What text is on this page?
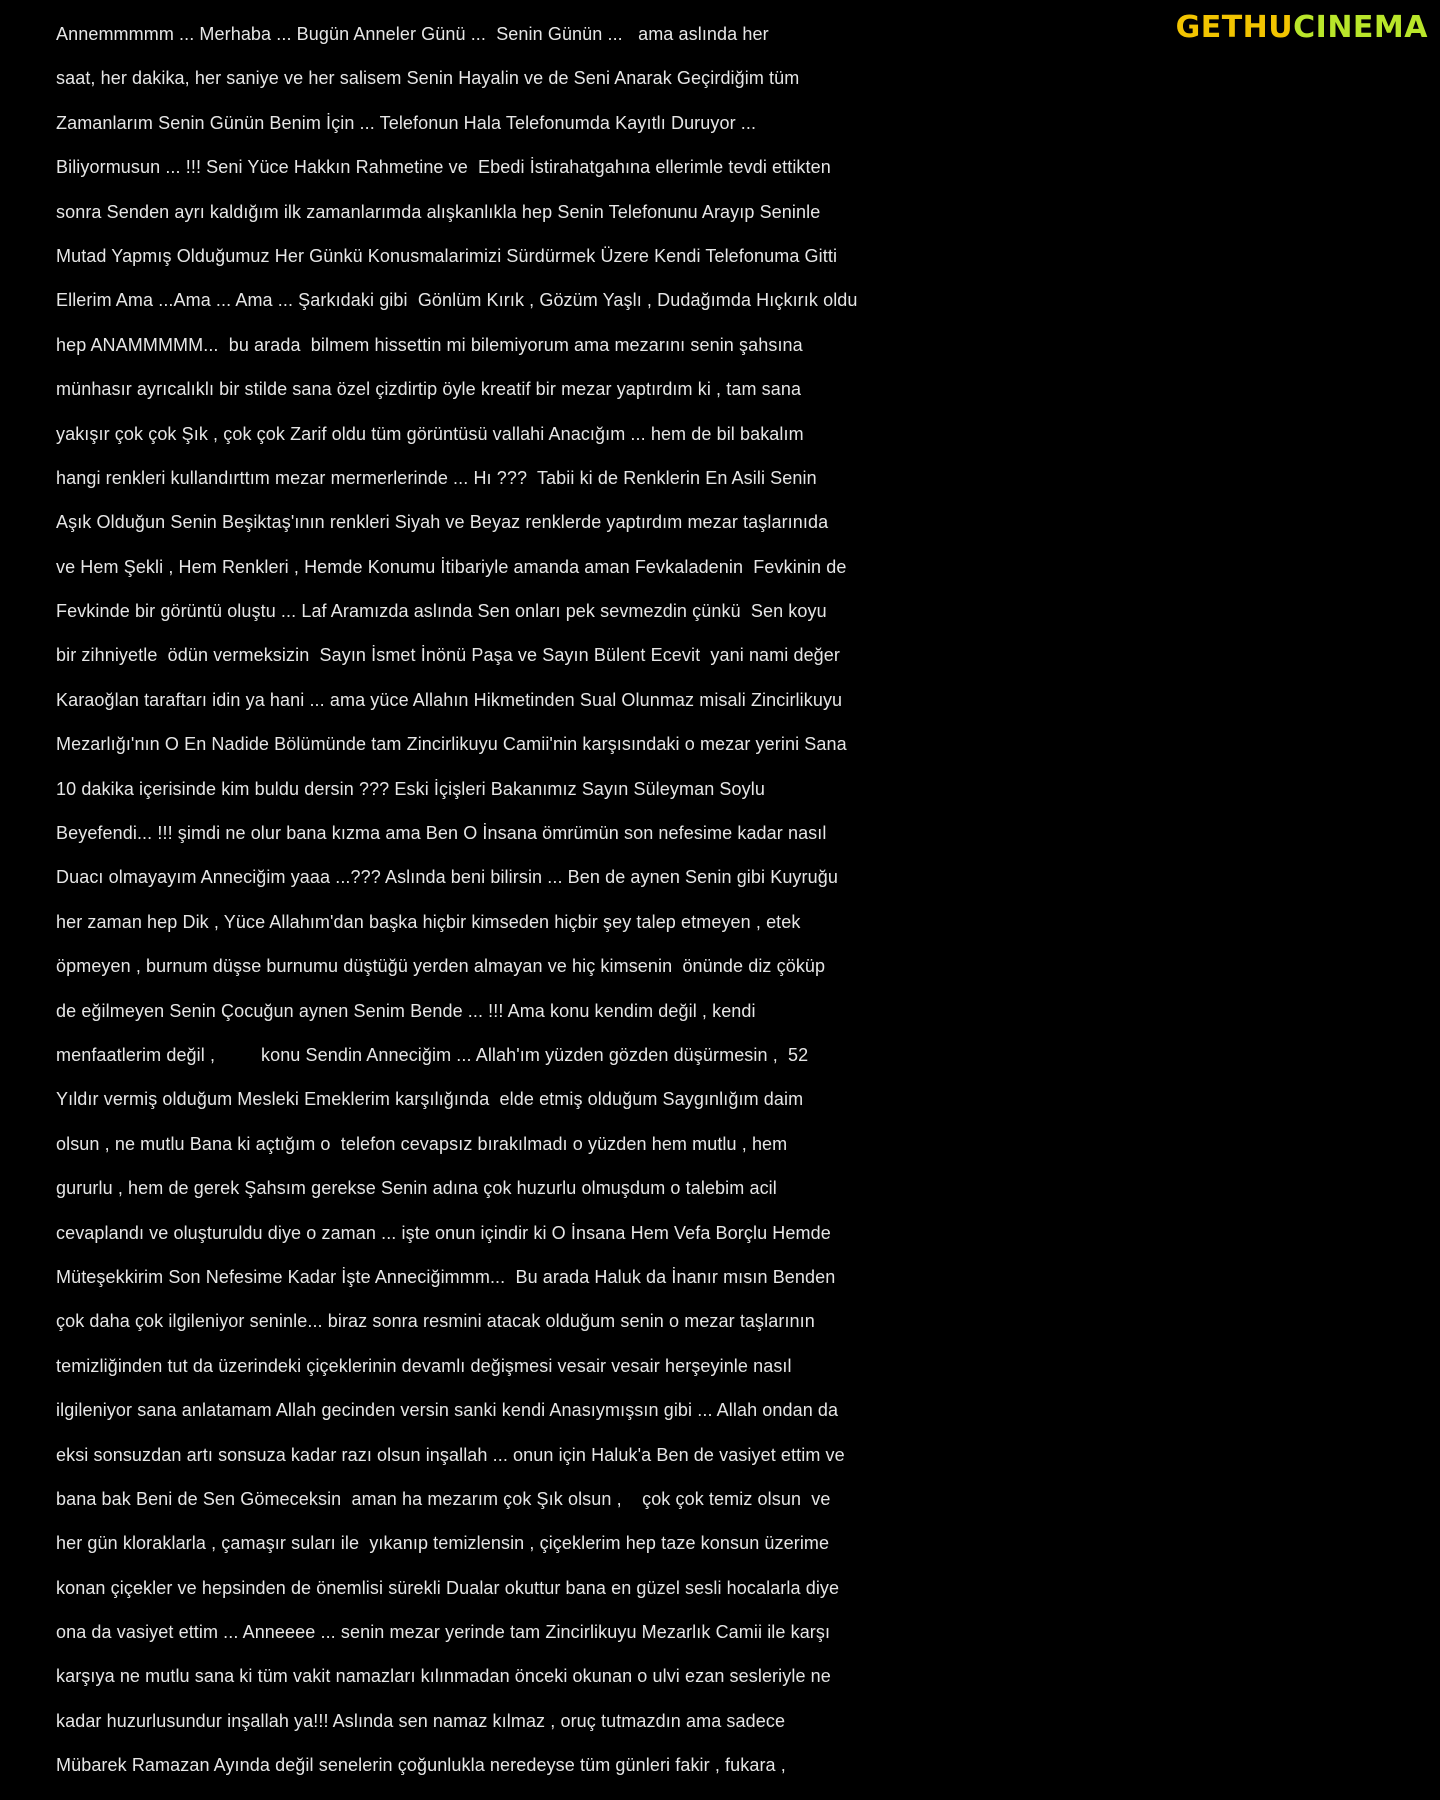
Annemmmmm ... Merhaba ... Bugün Anneler Günü ...  Senin Günün ...   ama aslında her
saat, her dakika, her saniye ve her salisem Senin Hayalin ve de Seni Anarak Geçirdiğim tüm
Zamanlarım Senin Günün Benim İçin ... Telefonun Hala Telefonumda Kayıtlı Duruyor ...
Biliyormusun ... !!! Seni Yüce Hakkın Rahmetine ve  Ebedi İstirahatgahına ellerimle tevdi ettikten
sonra Senden ayrı kaldığım ilk zamanlarımda alışkanlıkla hep Senin Telefonunu Arayıp Seninle
Mutad Yapmış Olduğumuz Her Günkü Konusmalarimizi Sürdürmek Üzere Kendi Telefonuma Gitti
Ellerim Ama ...Ama ... Ama ... Şarkıdaki gibi  Gönlüm Kırık , Gözüm Yaşlı , Dudağımda Hıçkırık oldu
hep ANAMMMMM...  bu arada  bilmem hissettin mi bilemiyorum ama mezarını senin şahsına
münhasır ayrıcalıklı bir stilde sana özel çizdirtip öyle kreatif bir mezar yaptırdım ki , tam sana
yakışır çok çok Şık , çok çok Zarif oldu tüm görüntüsü vallahi Anacığım ... hem de bil bakalım
hangi renkleri kullandırttım mezar mermerlerinde ... Hı ???  Tabii ki de Renklerin En Asili Senin
Aşık Olduğun Senin Beşiktaş'ının renkleri Siyah ve Beyaz renklerde yaptırdım mezar taşlarınıda
ve Hem Şekli , Hem Renkleri , Hemde Konumu İtibariyle amanda aman Fevkaladenin  Fevkinin de
Fevkinde bir görüntü oluştu ... Laf Aramızda aslında Sen onları pek sevmezdin çünkü  Sen koyu
bir zihniyetle  ödün vermeksizin  Sayın İsmet İnönü Paşa ve Sayın Bülent Ecevit  yani nami değer
Karaoğlan taraftarı idin ya hani ... ama yüce Allahın Hikmetinden Sual Olunmaz misali Zincirlikuyu
Mezarlığı'nın O En Nadide Bölümünde tam Zincirlikuyu Camii'nin karşısındaki o mezar yerini Sana
10 dakika içerisinde kim buldu dersin ??? Eski İçişleri Bakanımız Sayın Süleyman Soylu
Beyefendi... !!! şimdi ne olur bana kızma ama Ben O İnsana ömrümün son nefesime kadar nasıl
Duacı olmayayım Anneciğim yaaa ...??? Aslında beni bilirsin ... Ben de aynen Senin gibi Kuyruğu
her zaman hep Dik , Yüce Allahım'dan başka hiçbir kimseden hiçbir şey talep etmeyen , etek
öpmeyen , burnum düşse burnumu düştüğü yerden almayan ve hiç kimsenin  önünde diz çöküp
de eğilmeyen Senin Çocuğun aynen Senim Bende ... !!! Ama konu kendim değil , kendi
menfaatlerim değil ,         konu Sendin Anneciğim ... Allah'ım yüzden gözden düşürmesin ,  52
Yıldır vermiş olduğum Mesleki Emeklerim karşılığında  elde etmiş olduğum Saygınlığım daim
olsun , ne mutlu Bana ki açtığım o  telefon cevapsız bırakılmadı o yüzden hem mutlu , hem
gururlu , hem de gerek Şahsım gerekse Senin adına çok huzurlu olmuşdum o talebim acil
cevaplandı ve oluşturuldu diye o zaman ... işte onun içindir ki O İnsana Hem Vefa Borçlu Hemde
Müteşekkirim Son Nefesime Kadar İşte Anneciğimmm...  Bu arada Haluk da İnanır mısın Benden
çok daha çok ilgileniyor seninle... biraz sonra resmini atacak olduğum senin o mezar taşlarının
temizliğinden tut da üzerindeki çiçeklerinin devamlı değişmesi vesair vesair herşeyinle nasıl
ilgileniyor sana anlatamam Allah gecinden versin sanki kendi Anasıymışsın gibi ... Allah ondan da
eksi sonsuzdan artı sonsuza kadar razı olsun inşallah ... onun için Haluk'a Ben de vasiyet ettim ve
bana bak Beni de Sen Gömeceksin  aman ha mezarım çok Şık olsun ,    çok çok temiz olsun  ve
her gün kloraklarla , çamaşır suları ile  yıkanıp temizlensin , çiçeklerim hep taze konsun üzerime
konan çiçekler ve hepsinden de önemlisi sürekli Dualar okuttur bana en güzel sesli hocalarla diye
ona da vasiyet ettim ... Anneeee ... senin mezar yerinde tam Zincirlikuyu Mezarlık Camii ile karşı
karşıya ne mutlu sana ki tüm vakit namazları kılınmadan önceki okunan o ulvi ezan sesleriyle ne
kadar huzurlusundur inşallah ya!!! Aslında sen namaz kılmaz , oruç tutmazdın ama sadece
Mübarek Ramazan Ayında değil senelerin çoğunlukla neredeyse tüm günleri fakir , fukara ,
GETHUCINEMA
